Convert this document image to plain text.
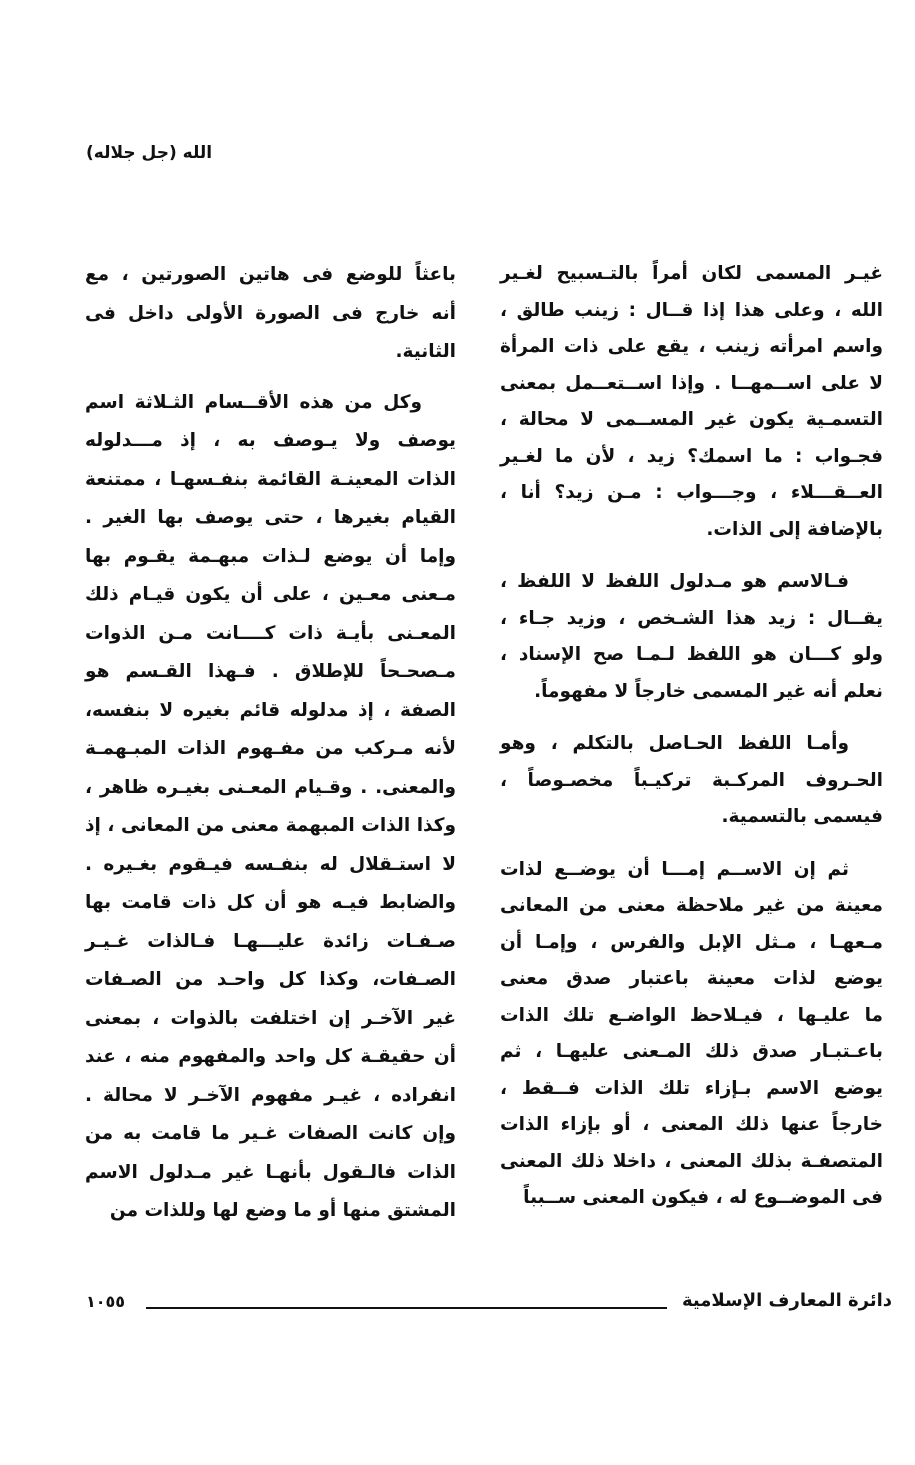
الله (جل جلاله)
غيـر المسمى لكان أمراً بالتـسبيح لغـير
الله ، وعلى هذا إذا قــال : زينب طالق ،
واسم امرأته زينب ، يقع على ذات المرأة
لا على اســمهــا . وإذا اســتعــمل بمعنى
التسمـية يكون غير المســمى لا محالة ،
فجـواب : ما اسمك؟ زيد ، لأن ما لغـير
العــقـــلاء ، وجـــواب : مـن زيد؟ أنا ،
بالإضافة إلى الذات.
فـالاسم هو مـدلول اللفظ لا اللفظ ،
يقــال : زيد هذا الشـخص ، وزيد جـاء ،
ولو كـــان هو اللفظ لـمـا صح الإسناد ،
نعلم أنه غير المسمى خارجاً لا مفهوماً.
وأمـا اللفظ الحـاصل بالتكلم ، وهو
الحـروف المركـبة تركيـباً مخصـوصاً ،
فيسمى بالتسمية.
ثم إن الاســم إمـــا أن يوضــع لذات
معينة من غير ملاحظة معنى من المعانى
مـعهـا ، مـثل الإبل والفرس ، وإمـا أن
يوضع لذات معينة باعتبار صدق معنى
ما عليـها ، فيـلاحظ الواضـع تلك الذات
باعـتبـار صدق ذلك المـعنى عليهـا ، ثم
يوضع الاسم بـإزاء تلك الذات فــقط ،
خارجاً عنها ذلك المعنى ، أو بإزاء الذات
المتصفـة بذلك المعنى ، داخلا ذلك المعنى
فى الموضــوع له ، فيكون المعنى ســبباً
باعثاً للوضع فى هاتين الصورتين ، مع
أنه خارج فى الصورة الأولى داخل فى
الثانية.
وكل من هذه الأقــسام الثـلاثة اسم
يوصف ولا يـوصف به ، إذ مـــدلوله
الذات المعينـة القائمة بنفـسهـا ، ممتنعة
القيام بغيرها ، حتى يوصف بها الغير .
وإما أن يوضع لـذات مبهـمة يقـوم بها
مـعنى معـين ، على أن يكون قيـام ذلك
المعـنى بأيـة ذات كــــانت مـن الذوات
مـصحـحاً للإطلاق . فـهذا القـسم هو
الصفة ، إذ مدلوله قائم بغيره لا بنفسه،
لأنه مـركب من مفـهوم الذات المبـهمـة
والمعنى. . وقـيام المعـنى بغيـره ظاهر ،
وكذا الذات المبهمة معنى من المعانى ، إذ
لا استـقلال له بنفـسه فيـقوم بغـيره .
والضابط فيـه هو أن كل ذات قامت بها
صـفـات زائدة عليـــهـا فـالذات غـيـر
الصـفات، وكذا كل واحـد من الصـفات
غير الآخـر إن اختلفت بالذوات ، بمعنى
أن حقيقـة كل واحد والمفهوم منه ، عند
انفراده ، غيـر مفهوم الآخـر لا محالة .
وإن كانت الصفات غـير ما قامت به من
الذات فالـقول بأنهـا غير مـدلول الاسم
المشتق منها أو ما وضع لها وللذات من
دائرة المعارف الإسلامية
١٠٥٥
